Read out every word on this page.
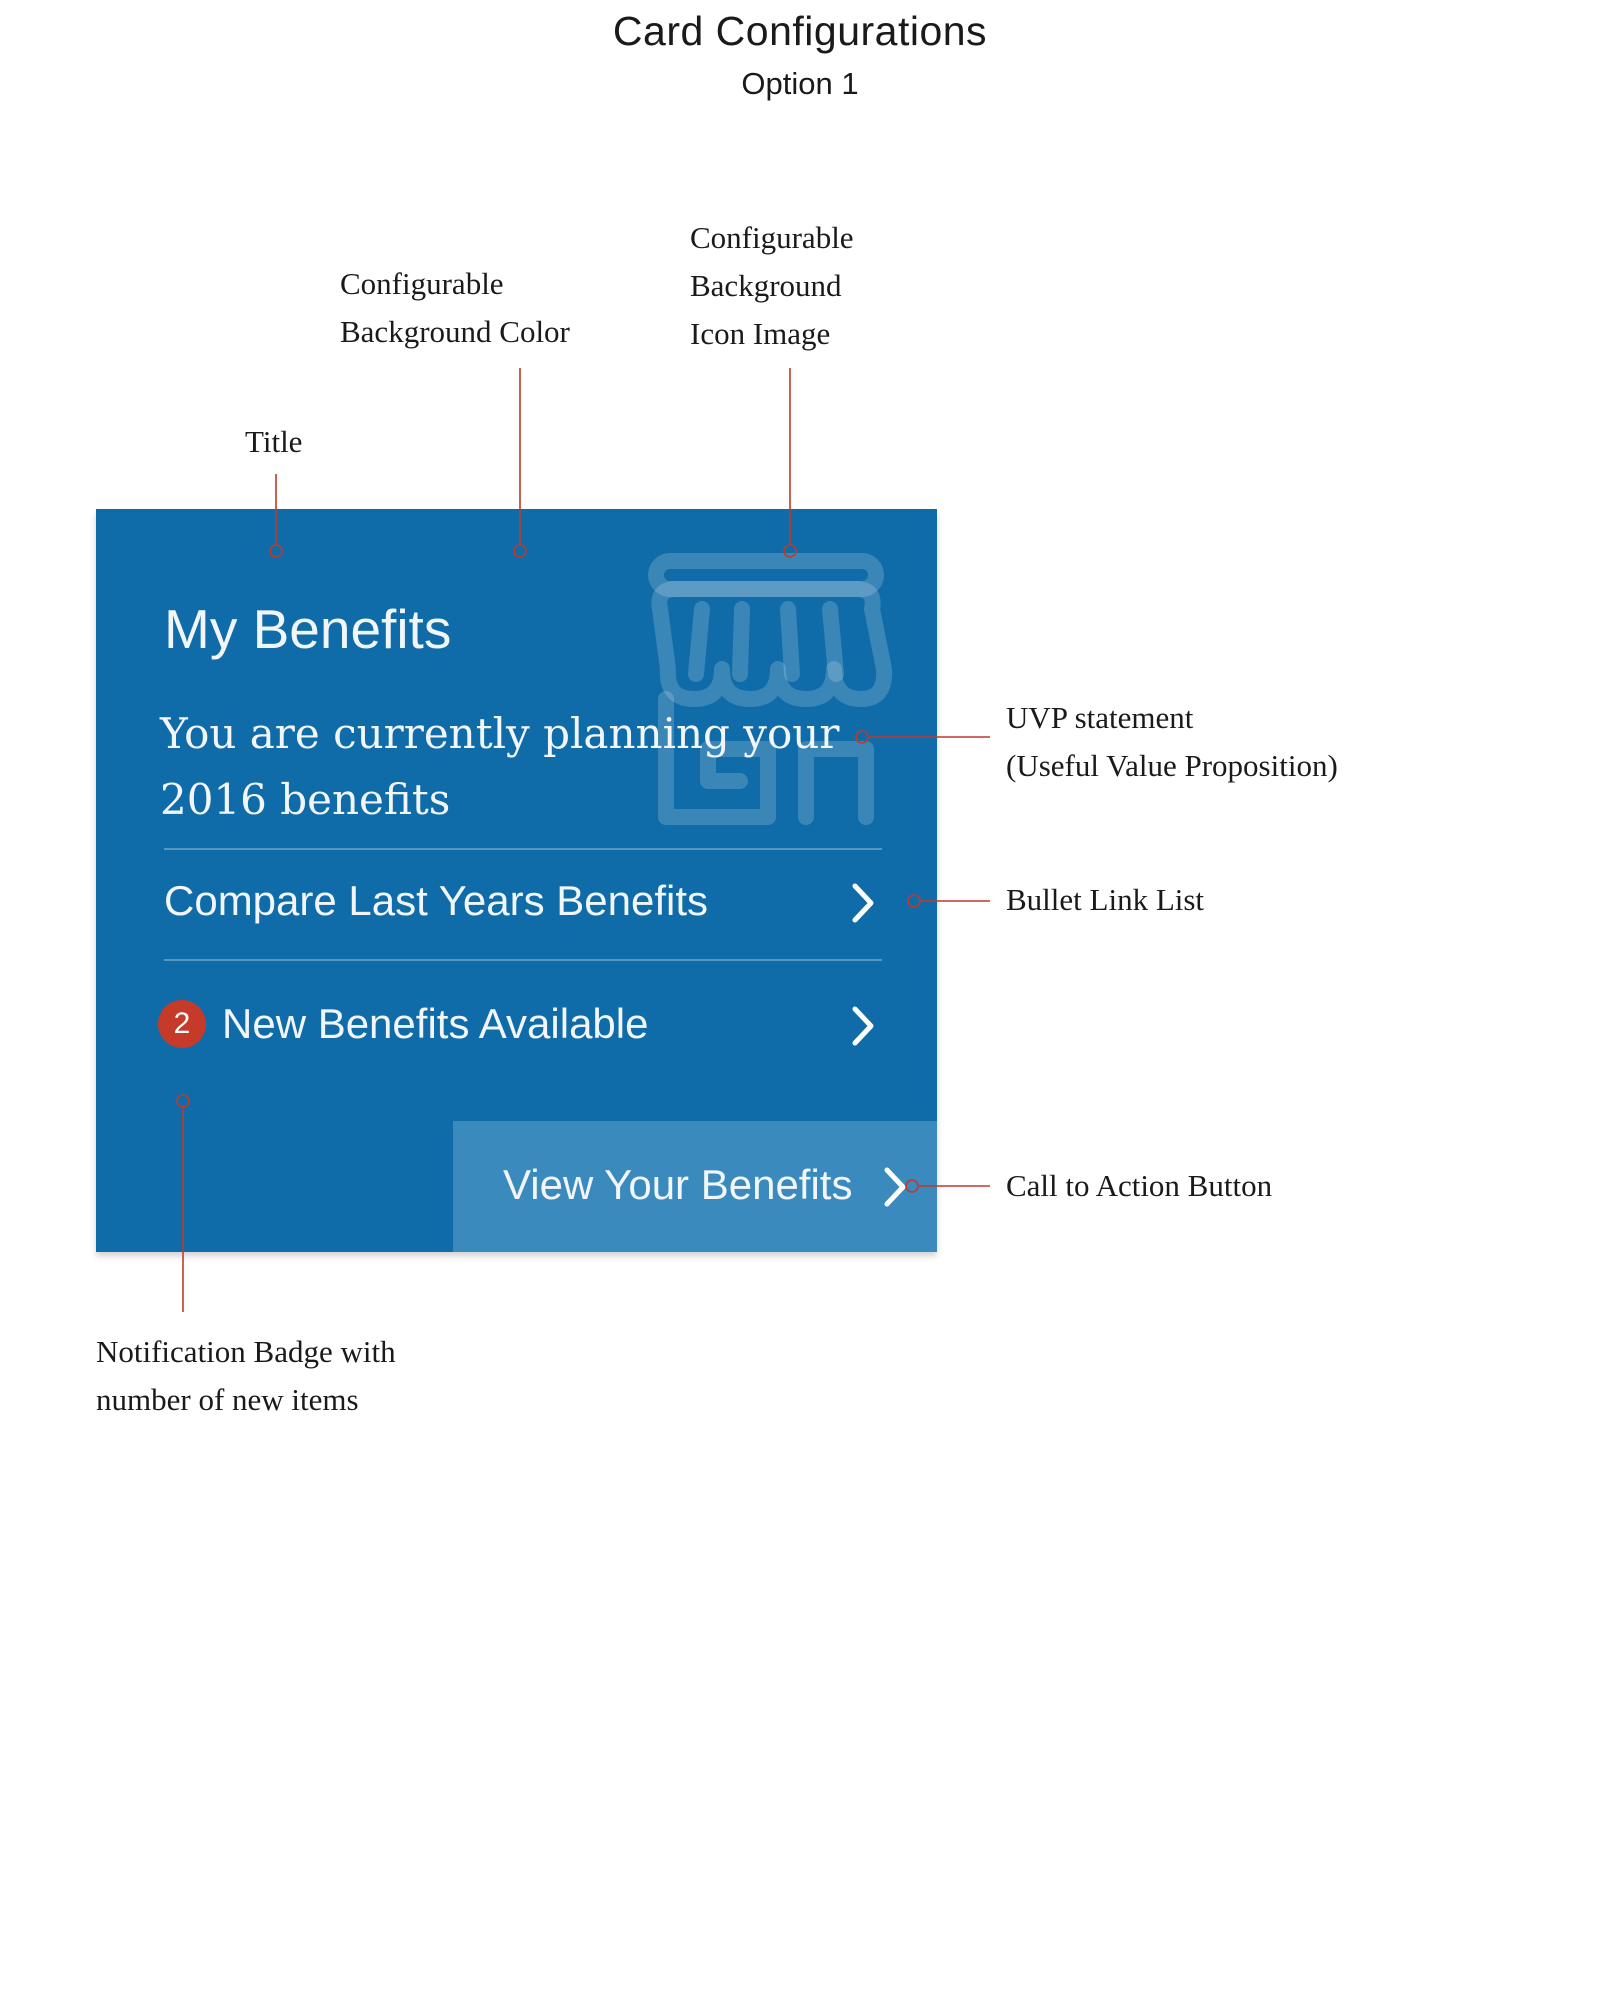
Card Configurations
Option 1
Title
Configurable
Background Color
Configurable
Background
Icon Image
UVP statement
(Useful Value Proposition)
Bullet Link List
Call to Action Button
Notification Badge with
number of new items
My Benefits
You are currently planning your 2016 benefits
Compare Last Years Benefits
2 New Benefits Available
View Your Benefits
